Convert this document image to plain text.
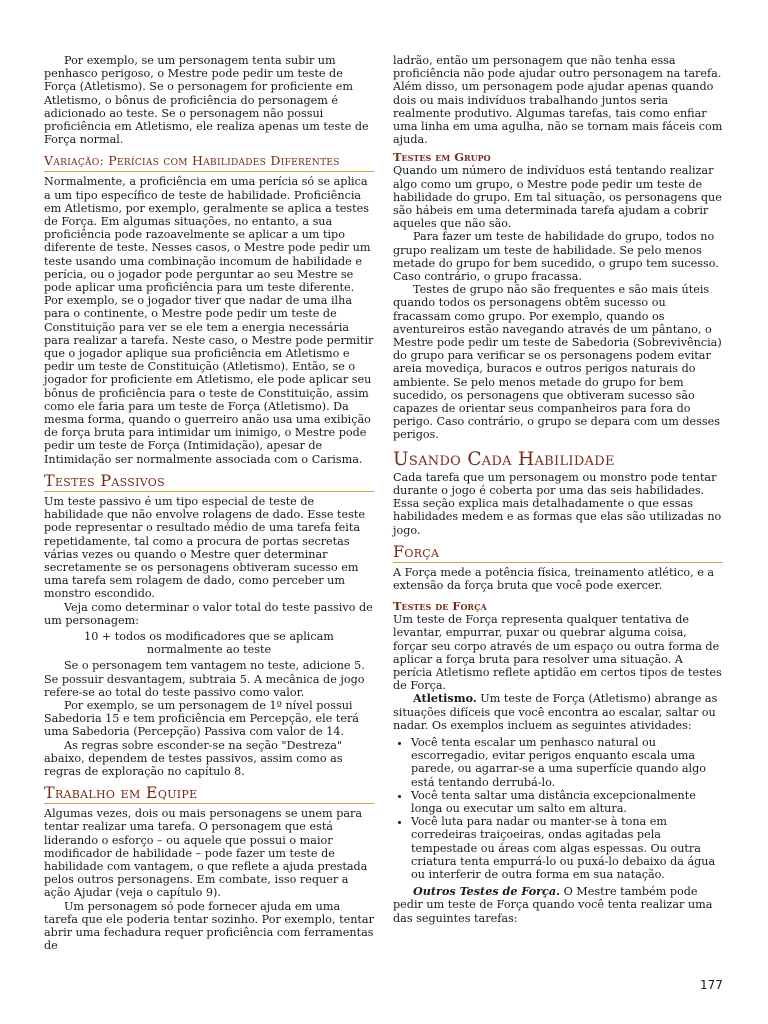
Por exemplo, se um personagem tenta subir um penhasco perigoso, o Mestre pode pedir um teste de Força (Atletismo). Se o personagem for proficiente em Atletismo, o bônus de proficiência do personagem é adicionado ao teste. Se o personagem não possui proficiência em Atletismo, ele realiza apenas um teste de Força normal.

Variação: Perícias com Habilidades Diferentes

Normalmente, a proficiência em uma perícia só se aplica a um tipo específico de teste de habilidade. Proficiência em Atletismo, por exemplo, geralmente se aplica a testes de Força. Em algumas situações, no entanto, a sua proficiência pode razoavelmente se aplicar a um tipo diferente de teste. Nesses casos, o Mestre pode pedir um teste usando uma combinação incomum de habilidade e perícia, ou o jogador pode perguntar ao seu Mestre se pode aplicar uma proficiência para um teste diferente. Por exemplo, se o jogador tiver que nadar de uma ilha para o continente, o Mestre pode pedir um teste de Constituição para ver se ele tem a energia necessária para realizar a tarefa. Neste caso, o Mestre pode permitir que o jogador aplique sua proficiência em Atletismo e pedir um teste de Constituição (Atletismo). Então, se o jogador for proficiente em Atletismo, ele pode aplicar seu bônus de proficiência para o teste de Constituição, assim como ele faria para um teste de Força (Atletismo). Da mesma forma, quando o guerreiro anão usa uma exibição de força bruta para intimidar um inimigo, o Mestre pode pedir um teste de Força (Intimidação), apesar de Intimidação ser normalmente associada com o Carisma.

Testes Passivos

Um teste passivo é um tipo especial de teste de habilidade que não envolve rolagens de dado. Esse teste pode representar o resultado médio de uma tarefa feita repetidamente, tal como a procura de portas secretas várias vezes ou quando o Mestre quer determinar secretamente se os personagens obtiveram sucesso em uma tarefa sem rolagem de dado, como perceber um monstro escondido.

Veja como determinar o valor total do teste passivo de um personagem:

10 + todos os modificadores que se aplicam
normalmente ao teste

Se o personagem tem vantagem no teste, adicione 5. Se possuir desvantagem, subtraia 5. A mecânica de jogo refere-se ao total do teste passivo como valor.

Por exemplo, se um personagem de 1º nível possui Sabedoria 15 e tem proficiência em Percepção, ele terá uma Sabedoria (Percepção) Passiva com valor de 14.

As regras sobre esconder-se na seção "Destreza" abaixo, dependem de testes passivos, assim como as regras de exploração no capítulo 8.

Trabalho em Equipe

Algumas vezes, dois ou mais personagens se unem para tentar realizar uma tarefa. O personagem que está liderando o esforço – ou aquele que possui o maior modificador de habilidade – pode fazer um teste de habilidade com vantagem, o que reflete a ajuda prestada pelos outros personagens. Em combate, isso requer a ação Ajudar (veja o capítulo 9).

Um personagem só pode fornecer ajuda em uma tarefa que ele poderia tentar sozinho. Por exemplo, tentar abrir uma fechadura requer proficiência com ferramentas de

ladrão, então um personagem que não tenha essa proficiência não pode ajudar outro personagem na tarefa. Além disso, um personagem pode ajudar apenas quando dois ou mais indivíduos trabalhando juntos seria realmente produtivo. Algumas tarefas, tais como enfiar uma linha em uma agulha, não se tornam mais fáceis com ajuda.

Testes em Grupo

Quando um número de indivíduos está tentando realizar algo como um grupo, o Mestre pode pedir um teste de habilidade do grupo. Em tal situação, os personagens que são hábeis em uma determinada tarefa ajudam a cobrir aqueles que não são.

Para fazer um teste de habilidade do grupo, todos no grupo realizam um teste de habilidade. Se pelo menos metade do grupo for bem sucedido, o grupo tem sucesso. Caso contrário, o grupo fracassa.

Testes de grupo não são frequentes e são mais úteis quando todos os personagens obtêm sucesso ou fracassam como grupo. Por exemplo, quando os aventureiros estão navegando através de um pântano, o Mestre pode pedir um teste de Sabedoria (Sobrevivência) do grupo para verificar se os personagens podem evitar areia movediça, buracos e outros perigos naturais do ambiente. Se pelo menos metade do grupo for bem sucedido, os personagens que obtiveram sucesso são capazes de orientar seus companheiros para fora do perigo. Caso contrário, o grupo se depara com um desses perigos.

Usando Cada Habilidade

Cada tarefa que um personagem ou monstro pode tentar durante o jogo é coberta por uma das seis habilidades. Essa seção explica mais detalhadamente o que essas habilidades medem e as formas que elas são utilizadas no jogo.

Força

A Força mede a potência física, treinamento atlético, e a extensão da força bruta que você pode exercer.

Testes de Força

Um teste de Força representa qualquer tentativa de levantar, empurrar, puxar ou quebrar alguma coisa, forçar seu corpo através de um espaço ou outra forma de aplicar a força bruta para resolver uma situação. A perícia Atletismo reflete aptidão em certos tipos de testes de Força.

Atletismo. Um teste de Força (Atletismo) abrange as situações difíceis que você encontra ao escalar, saltar ou nadar. Os exemplos incluem as seguintes atividades:

• Você tenta escalar um penhasco natural ou escorregadio, evitar perigos enquanto escala uma parede, ou agarrar-se a uma superfície quando algo está tentando derrubá-lo.
• Você tenta saltar uma distância excepcionalmente longa ou executar um salto em altura.
• Você luta para nadar ou manter-se à tona em corredeiras traiçoeiras, ondas agitadas pela tempestade ou áreas com algas espessas. Ou outra criatura tenta empurrá-lo ou puxá-lo debaixo da água ou interferir de outra forma em sua natação.

Outros Testes de Força. O Mestre também pode pedir um teste de Força quando você tenta realizar uma das seguintes tarefas:

177
